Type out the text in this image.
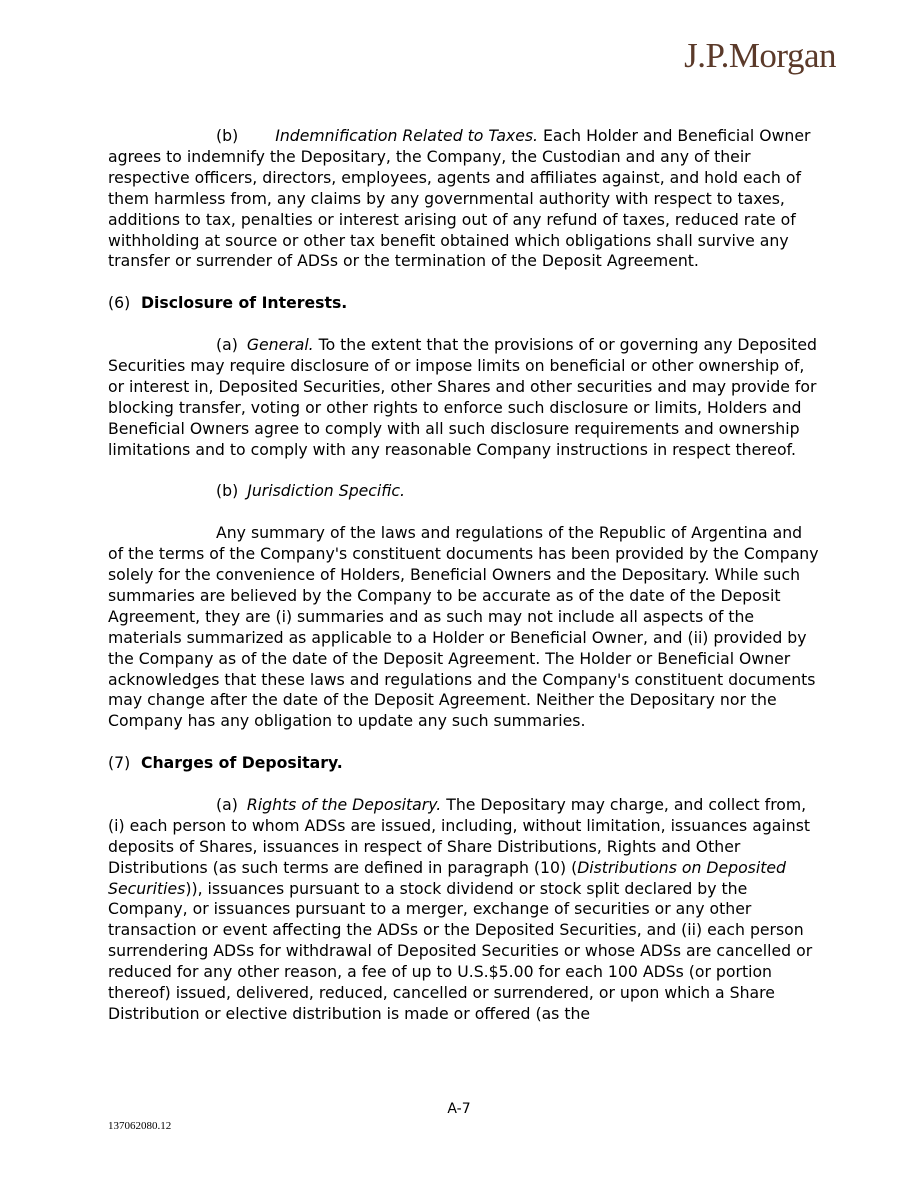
J.P.Morgan

(b) Indemnification Related to Taxes. Each Holder and Beneficial Owner agrees to indemnify the Depositary, the Company, the Custodian and any of their respective officers, directors, employees, agents and affiliates against, and hold each of them harmless from, any claims by any governmental authority with respect to taxes, additions to tax, penalties or interest arising out of any refund of taxes, reduced rate of withholding at source or other tax benefit obtained which obligations shall survive any transfer or surrender of ADSs or the termination of the Deposit Agreement.

(6) Disclosure of Interests.

(a) General. To the extent that the provisions of or governing any Deposited Securities may require disclosure of or impose limits on beneficial or other ownership of, or interest in, Deposited Securities, other Shares and other securities and may provide for blocking transfer, voting or other rights to enforce such disclosure or limits, Holders and Beneficial Owners agree to comply with all such disclosure requirements and ownership limitations and to comply with any reasonable Company instructions in respect thereof.

(b) Jurisdiction Specific.

Any summary of the laws and regulations of the Republic of Argentina and of the terms of the Company's constituent documents has been provided by the Company solely for the convenience of Holders, Beneficial Owners and the Depositary. While such summaries are believed by the Company to be accurate as of the date of the Deposit Agreement, they are (i) summaries and as such may not include all aspects of the materials summarized as applicable to a Holder or Beneficial Owner, and (ii) provided by the Company as of the date of the Deposit Agreement. The Holder or Beneficial Owner acknowledges that these laws and regulations and the Company's constituent documents may change after the date of the Deposit Agreement. Neither the Depositary nor the Company has any obligation to update any such summaries.

(7) Charges of Depositary.

(a) Rights of the Depositary. The Depositary may charge, and collect from, (i) each person to whom ADSs are issued, including, without limitation, issuances against deposits of Shares, issuances in respect of Share Distributions, Rights and Other Distributions (as such terms are defined in paragraph (10) (Distributions on Deposited Securities)), issuances pursuant to a stock dividend or stock split declared by the Company, or issuances pursuant to a merger, exchange of securities or any other transaction or event affecting the ADSs or the Deposited Securities, and (ii) each person surrendering ADSs for withdrawal of Deposited Securities or whose ADSs are cancelled or reduced for any other reason, a fee of up to U.S.$5.00 for each 100 ADSs (or portion thereof) issued, delivered, reduced, cancelled or surrendered, or upon which a Share Distribution or elective distribution is made or offered (as the

A-7
137062080.12
